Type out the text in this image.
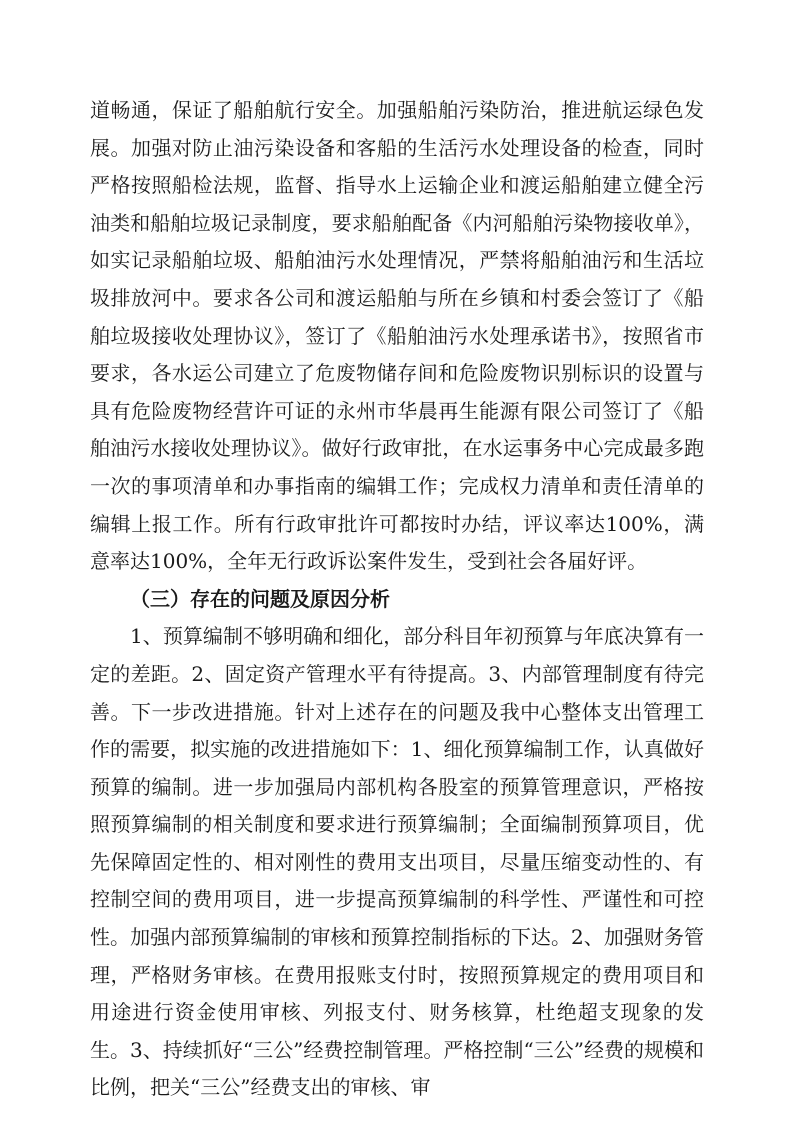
道畅通，保证了船舶航行安全。加强船舶污染防治，推进航运绿色发展。加强对防止油污染设备和客船的生活污水处理设备的检查，同时严格按照船检法规，监督、指导水上运输企业和渡运船舶建立健全污油类和船舶垃圾记录制度，要求船舶配备《内河船舶污染物接收单》，如实记录船舶垃圾、船舶油污水处理情况，严禁将船舶油污和生活垃圾排放河中。要求各公司和渡运船舶与所在乡镇和村委会签订了《船舶垃圾接收处理协议》，签订了《船舶油污水处理承诺书》，按照省市要求，各水运公司建立了危废物储存间和危险废物识别标识的设置与具有危险废物经营许可证的永州市华晨再生能源有限公司签订了《船舶油污水接收处理协议》。做好行政审批，在水运事务中心完成最多跑一次的事项清单和办事指南的编辑工作；完成权力清单和责任清单的编辑上报工作。所有行政审批许可都按时办结，评议率达100%，满意率达100%，全年无行政诉讼案件发生，受到社会各届好评。

（三）存在的问题及原因分析

1、预算编制不够明确和细化，部分科目年初预算与年底决算有一定的差距。2、固定资产管理水平有待提高。3、内部管理制度有待完善。下一步改进措施。针对上述存在的问题及我中心整体支出管理工作的需要，拟实施的改进措施如下：1、细化预算编制工作，认真做好预算的编制。进一步加强局内部机构各股室的预算管理意识，严格按照预算编制的相关制度和要求进行预算编制；全面编制预算项目，优先保障固定性的、相对刚性的费用支出项目，尽量压缩变动性的、有控制空间的费用项目，进一步提高预算编制的科学性、严谨性和可控性。加强内部预算编制的审核和预算控制指标的下达。2、加强财务管理，严格财务审核。在费用报账支付时，按照预算规定的费用项目和用途进行资金使用审核、列报支付、财务核算，杜绝超支现象的发生。3、持续抓好“三公”经费控制管理。严格控制“三公”经费的规模和比例，把关“三公”经费支出的审核、审
